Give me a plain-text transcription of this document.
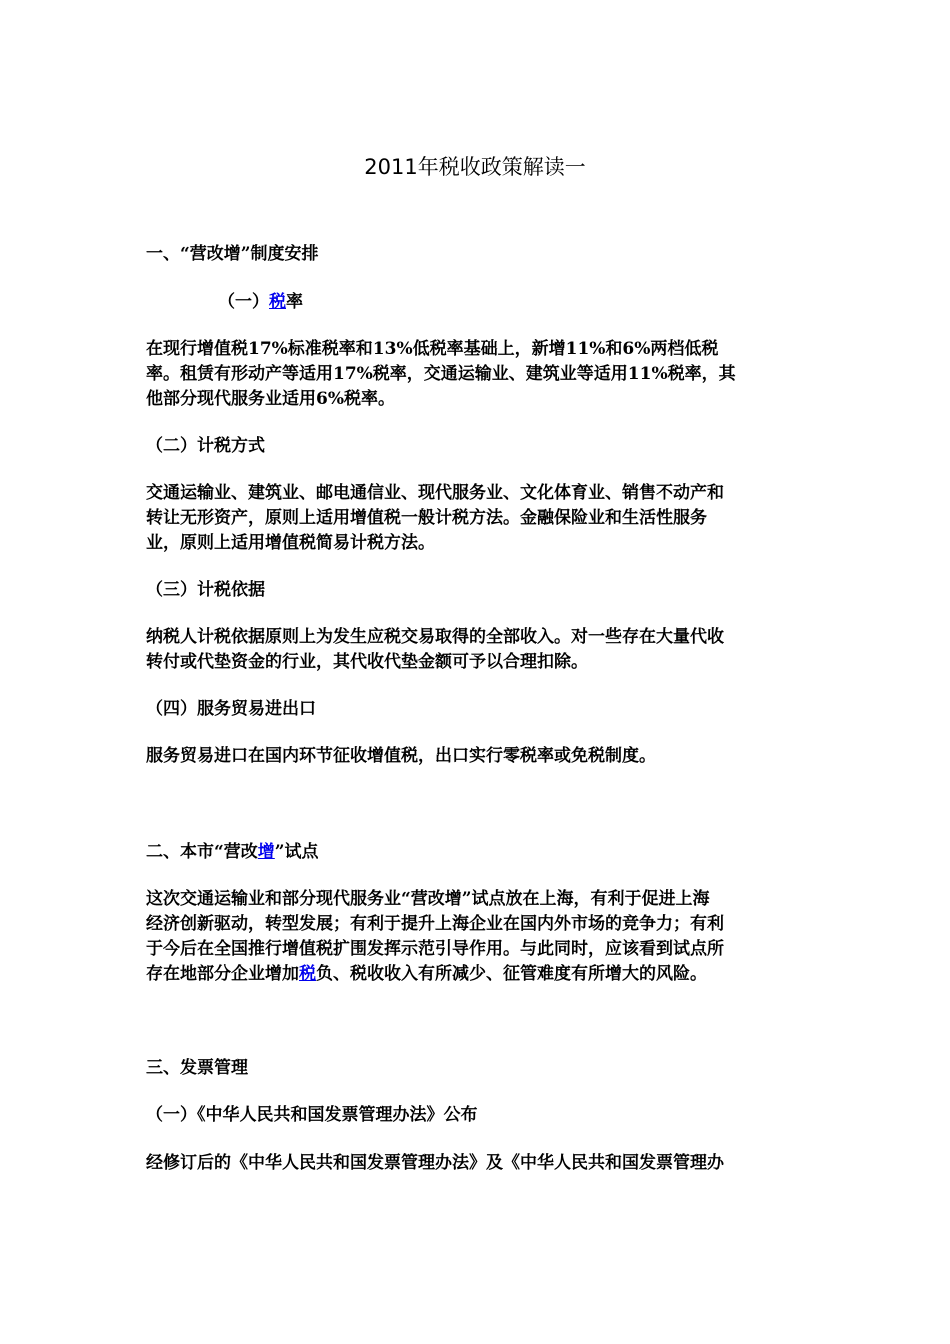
2011年税收政策解读一
一、“营改增”制度安排
（一）税率
在现行增值税17%标准税率和13%低税率基础上，新增11%和6%两档低税
率。租赁有形动产等适用17%税率，交通运输业、建筑业等适用11%税率，其
他部分现代服务业适用6%税率。
（二）计税方式
交通运输业、建筑业、邮电通信业、现代服务业、文化体育业、销售不动产和
转让无形资产，原则上适用增值税一般计税方法。金融保险业和生活性服务
业，原则上适用增值税简易计税方法。
（三）计税依据
纳税人计税依据原则上为发生应税交易取得的全部收入。对一些存在大量代收
转付或代垫资金的行业，其代收代垫金额可予以合理扣除。
（四）服务贸易进出口
服务贸易进口在国内环节征收增值税，出口实行零税率或免税制度。
二、本市“营改增”试点
这次交通运输业和部分现代服务业“营改增”试点放在上海，有利于促进上海
经济创新驱动，转型发展；有利于提升上海企业在国内外市场的竞争力；有利
于今后在全国推行增值税扩围发挥示范引导作用。与此同时，应该看到试点所
存在地部分企业增加税负、税收收入有所减少、征管难度有所增大的风险。
三、发票管理
（一）《中华人民共和国发票管理办法》公布
经修订后的《中华人民共和国发票管理办法》及《中华人民共和国发票管理办
